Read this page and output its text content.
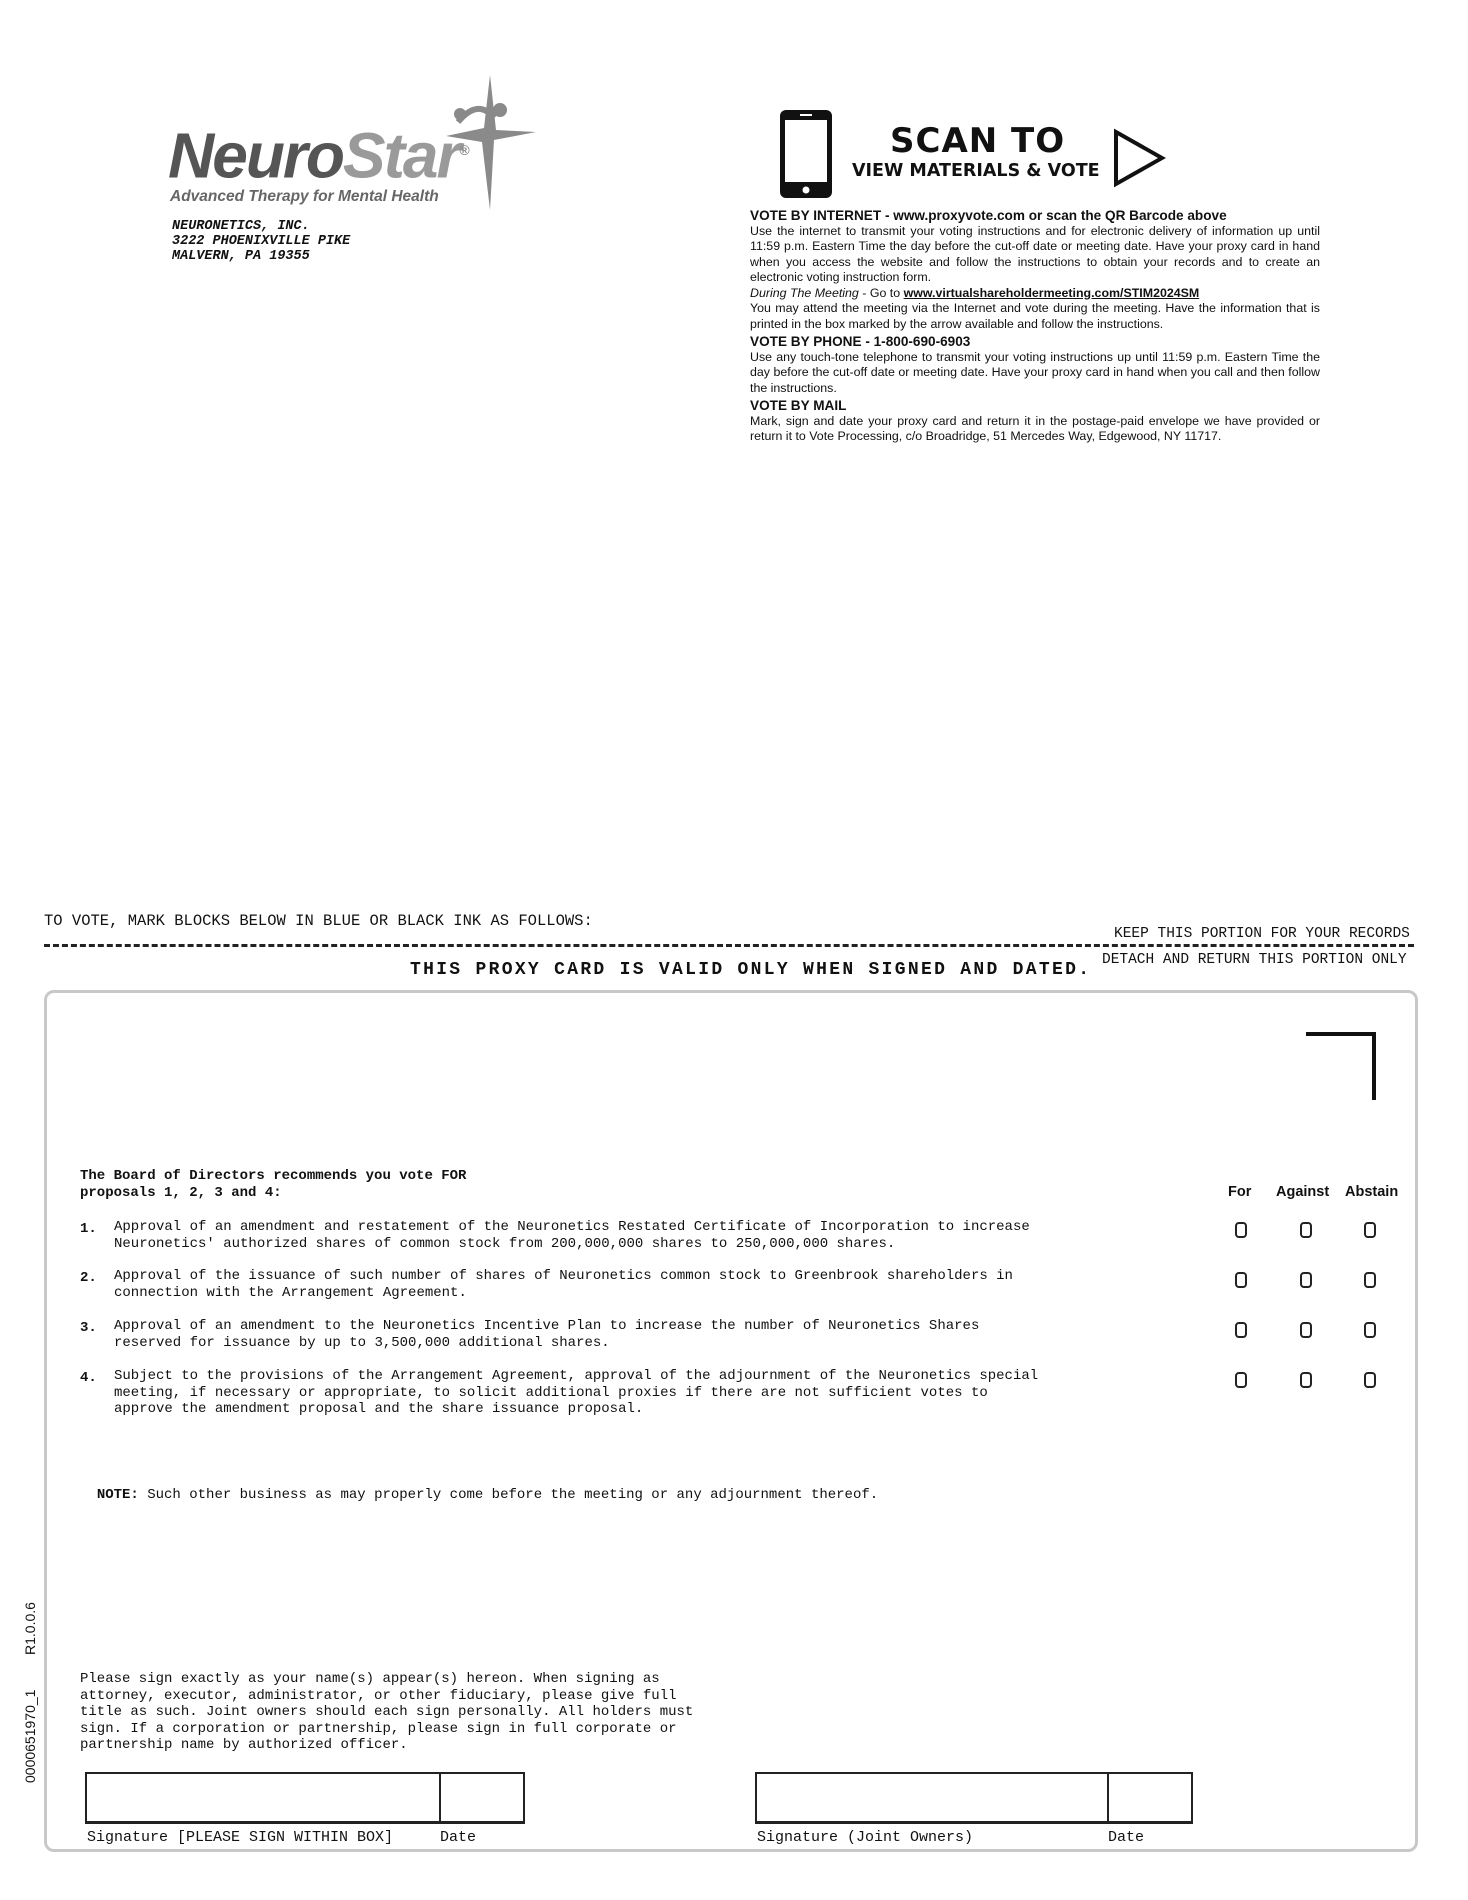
NeuroStar®
Advanced Therapy for Mental Health
NEURONETICS, INC.
3222 PHOENIXVILLE PIKE
MALVERN, PA 19355
SCAN TO
VIEW MATERIALS & VOTE

VOTE BY INTERNET - www.proxyvote.com or scan the QR Barcode above

Use the internet to transmit your voting instructions and for electronic delivery of information up until 11:59 p.m. Eastern Time the day before the cut-off date or meeting date. Have your proxy card in hand when you access the website and follow the instructions to obtain your records and to create an electronic voting instruction form.

During The Meeting - Go to www.virtualshareholdermeeting.com/STIM2024SM

You may attend the meeting via the Internet and vote during the meeting. Have the information that is printed in the box marked by the arrow available and follow the instructions.

VOTE BY PHONE - 1-800-690-6903

Use any touch-tone telephone to transmit your voting instructions up until 11:59 p.m. Eastern Time the day before the cut-off date or meeting date. Have your proxy card in hand when you call and then follow the instructions.

VOTE BY MAIL

Mark, sign and date your proxy card and return it in the postage-paid envelope we have provided or return it to Vote Processing, c/o Broadridge, 51 Mercedes Way, Edgewood, NY 11717.

TO VOTE, MARK BLOCKS BELOW IN BLUE OR BLACK INK AS FOLLOWS:
KEEP THIS PORTION FOR YOUR RECORDS
THIS PROXY CARD IS VALID ONLY WHEN SIGNED AND DATED. DETACH AND RETURN THIS PORTION ONLY
The Board of Directors recommends you vote FOR
proposals 1, 2, 3 and 4:	For Against Abstain
1. Approval of an amendment and restatement of the Neuronetics Restated Certificate of Incorporation to increase
Neuronetics' authorized shares of common stock from 200,000,000 shares to 250,000,000 shares.
2. Approval of the issuance of such number of shares of Neuronetics common stock to Greenbrook shareholders in
connection with the Arrangement Agreement.
3. Approval of an amendment to the Neuronetics Incentive Plan to increase the number of Neuronetics Shares
reserved for issuance by up to 3,500,000 additional shares.
4. Subject to the provisions of the Arrangement Agreement, approval of the adjournment of the Neuronetics special
meeting, if necessary or appropriate, to solicit additional proxies if there are not sufficient votes to
approve the amendment proposal and the share issuance proposal.

NOTE: Such other business as may properly come before the meeting or any adjournment thereof.

Please sign exactly as your name(s) appear(s) hereon. When signing as
attorney, executor, administrator, or other fiduciary, please give full
title as such. Joint owners should each sign personally. All holders must
sign. If a corporation or partnership, please sign in full corporate or
partnership name by authorized officer.
Signature [PLEASE SIGN WITHIN BOX]	Date	Signature (Joint Owners)	Date
0000651970_1
R1.0.0.6
